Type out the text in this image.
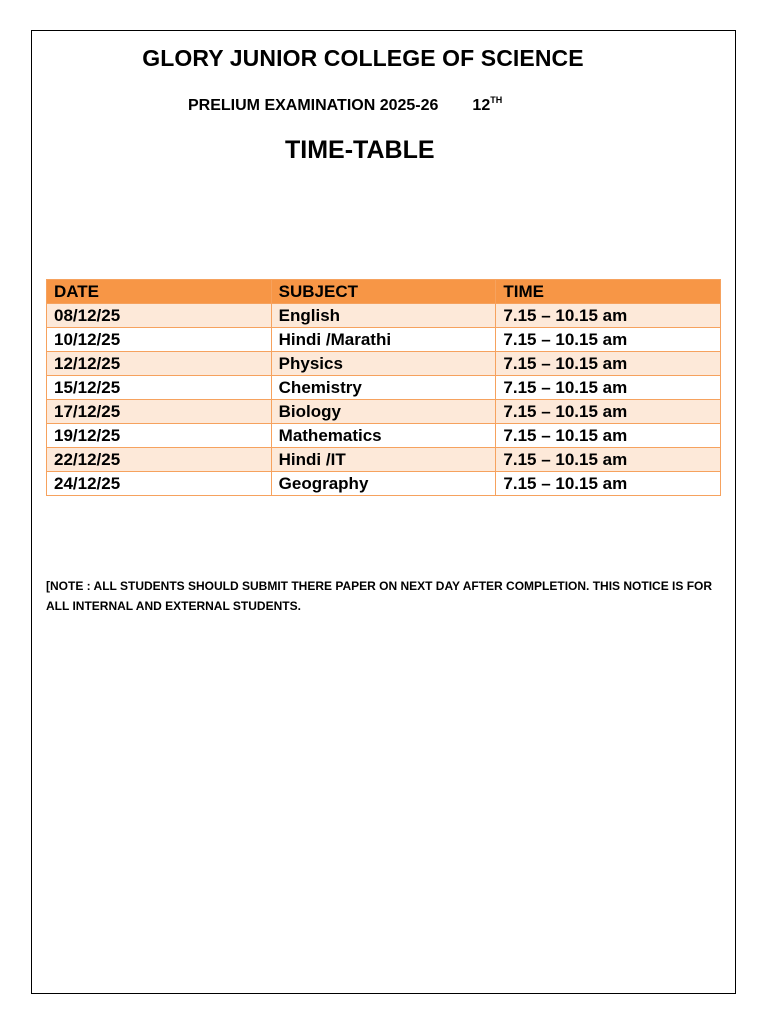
GLORY JUNIOR COLLEGE OF SCIENCE
PRELIUM EXAMINATION 2025-26 12TH
TIME-TABLE
DATE	SUBJECT	TIME
08/12/25	English	7.15 – 10.15 am
10/12/25	Hindi /Marathi	7.15 – 10.15 am
12/12/25	Physics	7.15 – 10.15 am
15/12/25	Chemistry	7.15 – 10.15 am
17/12/25	Biology	7.15 – 10.15 am
19/12/25	Mathematics	7.15 – 10.15 am
22/12/25	Hindi /IT	7.15 – 10.15 am
24/12/25	Geography	7.15 – 10.15 am
[NOTE : ALL STUDENTS SHOULD SUBMIT THERE PAPER ON NEXT DAY AFTER COMPLETION. THIS NOTICE IS FOR ALL INTERNAL AND EXTERNAL STUDENTS.
